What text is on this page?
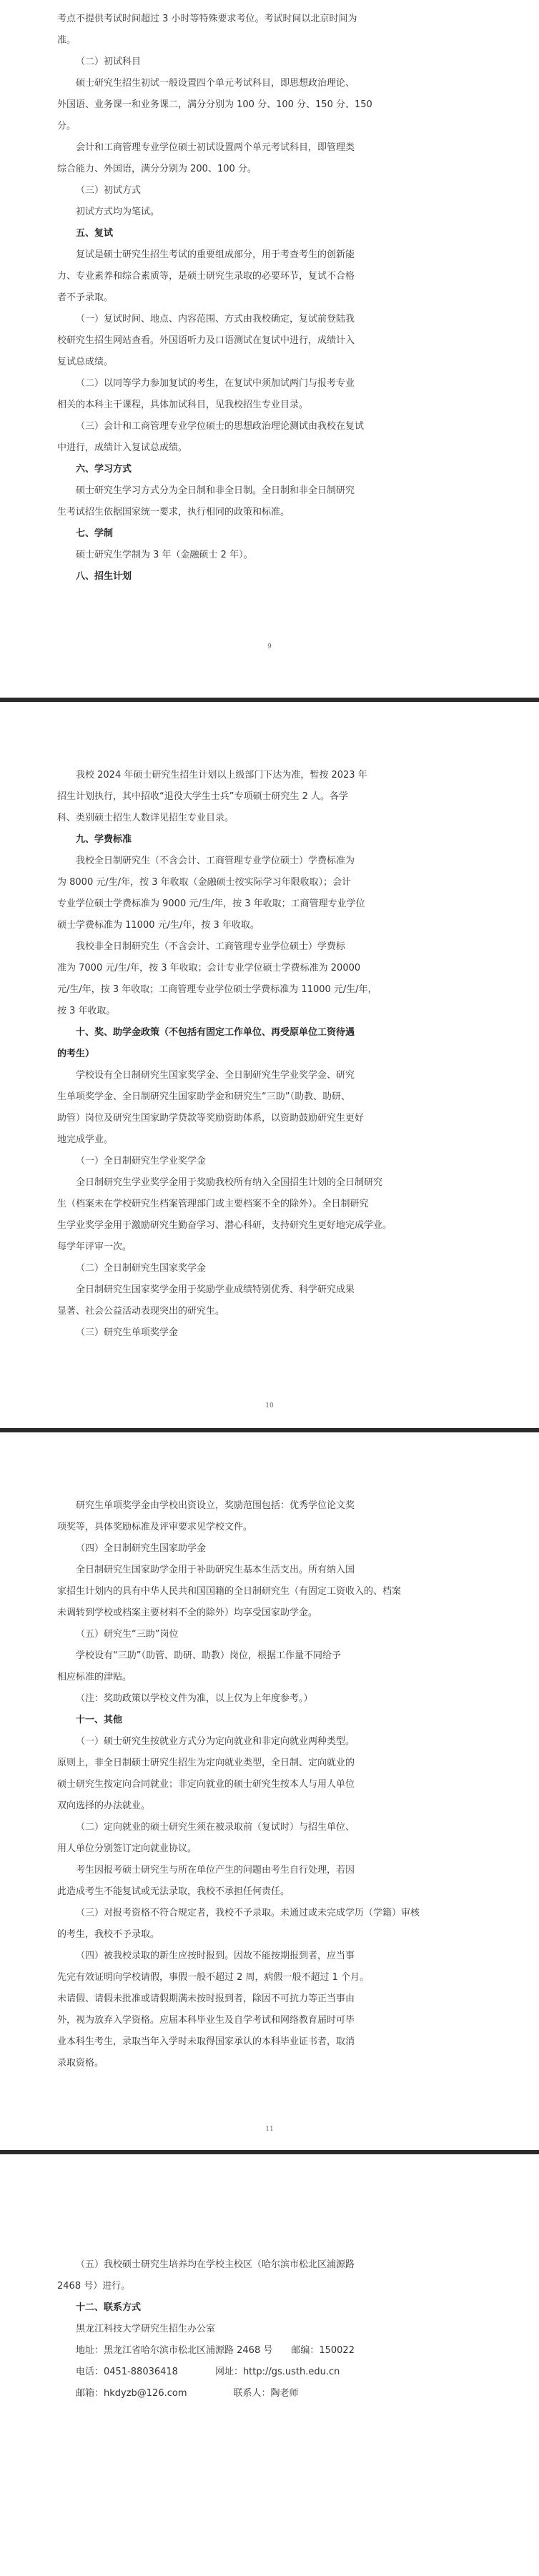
考点不提供考试时间超过 3 小时等特殊要求考位。考试时间以北京时间为

准。

（二）初试科目

硕士研究生招生初试一般设置四个单元考试科目，即思想政治理论、

外国语、业务课一和业务课二，满分分别为 100 分、100 分、150 分、150

分。

会计和工商管理专业学位硕士初试设置两个单元考试科目，即管理类

综合能力、外国语，满分分别为 200、100 分。

（三）初试方式

初试方式均为笔试。

五、复试

复试是硕士研究生招生考试的重要组成部分，用于考查考生的创新能

力、专业素养和综合素质等，是硕士研究生录取的必要环节，复试不合格

者不予录取。

（一）复试时间、地点、内容范围、方式由我校确定，复试前登陆我

校研究生招生网站查看。外国语听力及口语测试在复试中进行，成绩计入

复试总成绩。

（二）以同等学力参加复试的考生，在复试中须加试两门与报考专业

相关的本科主干课程，具体加试科目，见我校招生专业目录。

（三）会计和工商管理专业学位硕士的思想政治理论测试由我校在复试

中进行，成绩计入复试总成绩。

六、学习方式

硕士研究生学习方式分为全日制和非全日制。全日制和非全日制研究

生考试招生依据国家统一要求，执行相同的政策和标准。

七、学制

硕士研究生学制为 3 年（金融硕士 2 年）。

八、招生计划

9

我校 2024 年硕士研究生招生计划以上级部门下达为准，暂按 2023 年

招生计划执行，其中招收“退役大学生士兵”专项硕士研究生 2 人。各学

科、类别硕士招生人数详见招生专业目录。

九、学费标准

我校全日制研究生（不含会计、工商管理专业学位硕士）学费标准为

为 8000 元/生/年，按 3 年收取（金融硕士按实际学习年限收取）；会计

专业学位硕士学费标准为 9000 元/生/年，按 3 年收取；工商管理专业学位

硕士学费标准为 11000 元/生/年，按 3 年收取。

我校非全日制研究生（不含会计、工商管理专业学位硕士）学费标

准为 7000 元/生/年，按 3 年收取；会计专业学位硕士学费标准为 20000

元/生/年，按 3 年收取；工商管理专业学位硕士学费标准为 11000 元/生/年，

按 3 年收取。

十、奖、助学金政策（不包括有固定工作单位、再受原单位工资待遇

的考生）

学校设有全日制研究生国家奖学金、全日制研究生学业奖学金、研究

生单项奖学金、全日制研究生国家助学金和研究生“三助”（助教、助研、

助管）岗位及研究生国家助学贷款等奖励资助体系，以资助鼓励研究生更好

地完成学业。

（一）全日制研究生学业奖学金

全日制研究生学业奖学金用于奖励我校所有纳入全国招生计划的全日制研究

生（档案未在学校研究生档案管理部门或主要档案不全的除外）。全日制研究

生学业奖学金用于激励研究生勤奋学习、潜心科研，支持研究生更好地完成学业。

每学年评审一次。

（二）全日制研究生国家奖学金

全日制研究生国家奖学金用于奖励学业成绩特别优秀、科学研究成果

显著、社会公益活动表现突出的研究生。

（三）研究生单项奖学金

10

研究生单项奖学金由学校出资设立，奖励范围包括：优秀学位论文奖

项奖等，具体奖励标准及评审要求见学校文件。

（四）全日制研究生国家助学金

全日制研究生国家助学金用于补助研究生基本生活支出。所有纳入国

家招生计划内的具有中华人民共和国国籍的全日制研究生（有固定工资收入的、档案

未调转到学校或档案主要材料不全的除外）均享受国家助学金。

（五）研究生“三助”岗位

学校设有“三助”（助管、助研、助教）岗位，根据工作量不同给予

相应标准的津贴。

（注：奖助政策以学校文件为准，以上仅为上年度参考。）

十一、其他

（一）硕士研究生按就业方式分为定向就业和非定向就业两种类型。

原则上，非全日制硕士研究生招生为定向就业类型，全日制、定向就业的

硕士研究生按定向合同就业；非定向就业的硕士研究生按本人与用人单位

双向选择的办法就业。

（二）定向就业的硕士研究生须在被录取前（复试时）与招生单位、

用人单位分别签订定向就业协议。

考生因报考硕士研究生与所在单位产生的问题由考生自行处理，若因

此造成考生不能复试或无法录取，我校不承担任何责任。

（三）对报考资格不符合规定者，我校不予录取。未通过或未完成学历（学籍）审核

的考生，我校不予录取。

（四）被我校录取的新生应按时报到。因故不能按期报到者，应当事

先完有效证明向学校请假，事假一般不超过 2 周，病假一般不超过 1 个月。

未请假、请假未批准或请假期满未按时报到者，除因不可抗力等正当事由

外，视为放弃入学资格。应届本科毕业生及自学考试和网络教育届时可毕

业本科生考生，录取当年入学时未取得国家承认的本科毕业证书者，取消

录取资格。

11

（五）我校硕士研究生培养均在学校主校区（哈尔滨市松北区浦源路

2468 号）进行。

十二、联系方式

黑龙江科技大学研究生招生办公室

地址：黑龙江省哈尔滨市松北区浦源路 2468 号　　邮编：150022

电话：0451-88036418　　　　网址：http://gs.usth.edu.cn

邮箱：hkdyzb@126.com　　　　　联系人：陶老师
